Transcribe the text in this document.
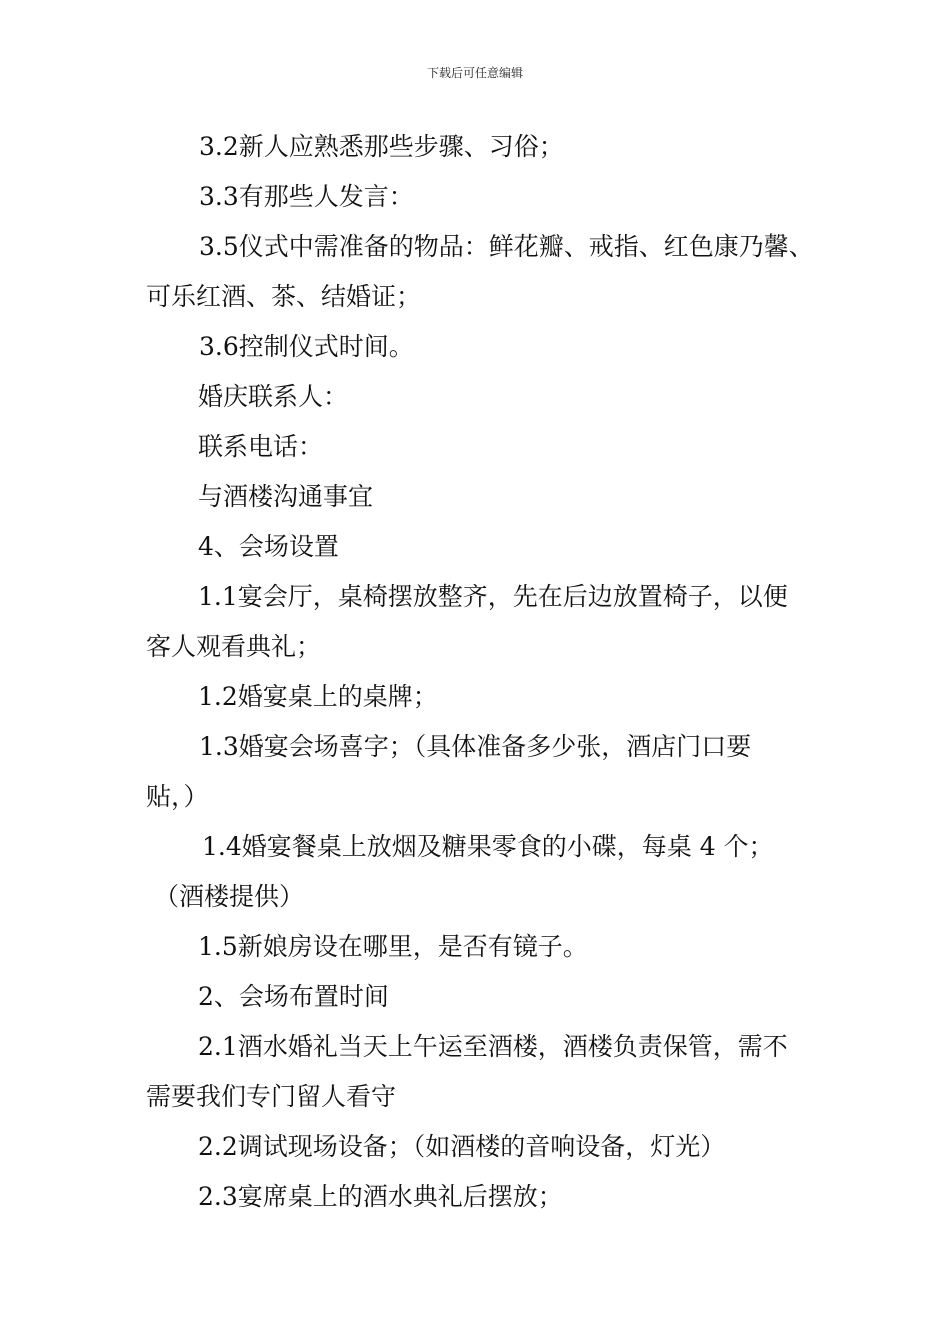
下载后可任意编辑

3.2新人应熟悉那些步骤、习俗；

3.3有那些人发言：

3.5仪式中需准备的物品：鲜花瓣、戒指、红色康乃馨、

可乐红酒、茶、结婚证；

3.6控制仪式时间。

婚庆联系人：

联系电话：

与酒楼沟通事宜

4、会场设置

1.1宴会厅，桌椅摆放整齐，先在后边放置椅子，以便

客人观看典礼；

1.2婚宴桌上的桌牌；

1.3婚宴会场喜字；（具体准备多少张，酒店门口要

贴，）

1.4婚宴餐桌上放烟及糖果零食的小碟，每桌 4 个；

（酒楼提供）

1.5新娘房设在哪里，是否有镜子。

2、会场布置时间

2.1酒水婚礼当天上午运至酒楼，酒楼负责保管，需不

需要我们专门留人看守

2.2调试现场设备；（如酒楼的音响设备，灯光）

2.3宴席桌上的酒水典礼后摆放；
